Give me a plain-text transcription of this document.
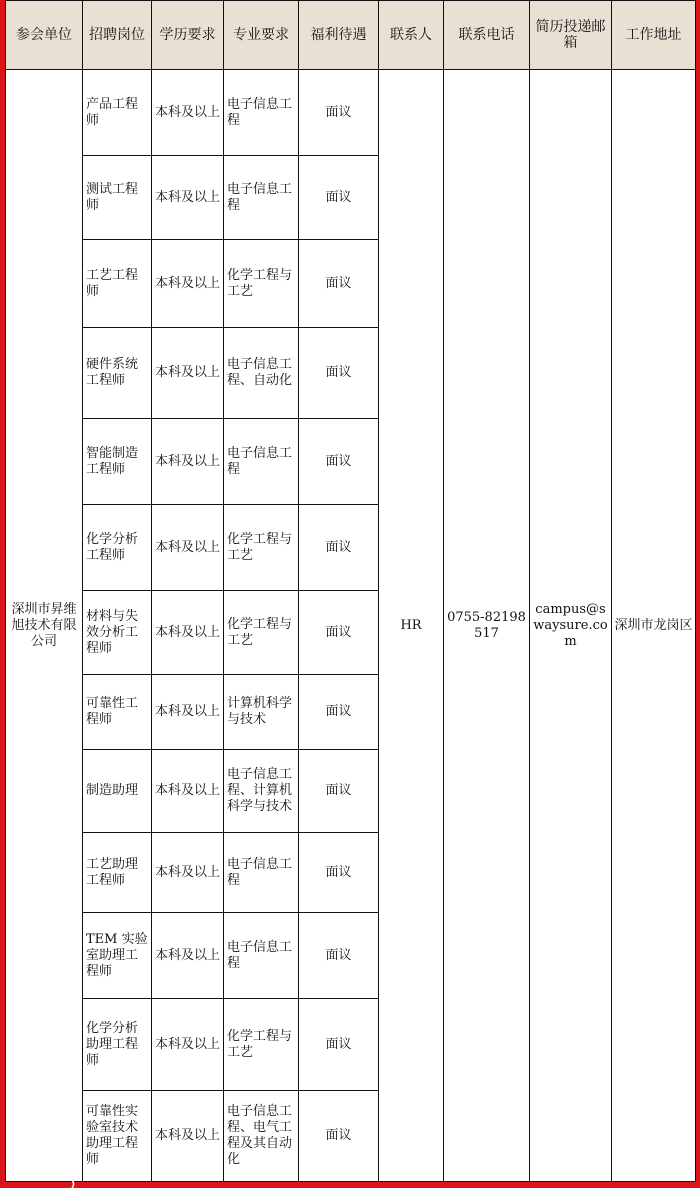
参会单位	招聘岗位	学历要求	专业要求	福利待遇	联系人	联系电话	简历投递邮箱	工作地址
深圳市昇维旭技术有限公司	产品工程师	本科及以上	电子信息工程	面议	HR	0755-82198517	campus@swaysure.com	深圳市龙岗区
	测试工程师	本科及以上	电子信息工程	面议				
	工艺工程师	本科及以上	化学工程与工艺	面议				
	硬件系统工程师	本科及以上	电子信息工程、自动化	面议				
	智能制造工程师	本科及以上	电子信息工程	面议				
	化学分析工程师	本科及以上	化学工程与工艺	面议				
	材料与失效分析工程师	本科及以上	化学工程与工艺	面议				
	可靠性工程师	本科及以上	计算机科学与技术	面议				
	制造助理	本科及以上	电子信息工程、计算机科学与技术	面议				
	工艺助理工程师	本科及以上	电子信息工程	面议				
	TEM 实验室助理工程师	本科及以上	电子信息工程	面议				
	化学分析助理工程师	本科及以上	化学工程与工艺	面议				
	可靠性实验室技术助理工程师	本科及以上	电子信息工程、电气工程及其自动化	面议				
